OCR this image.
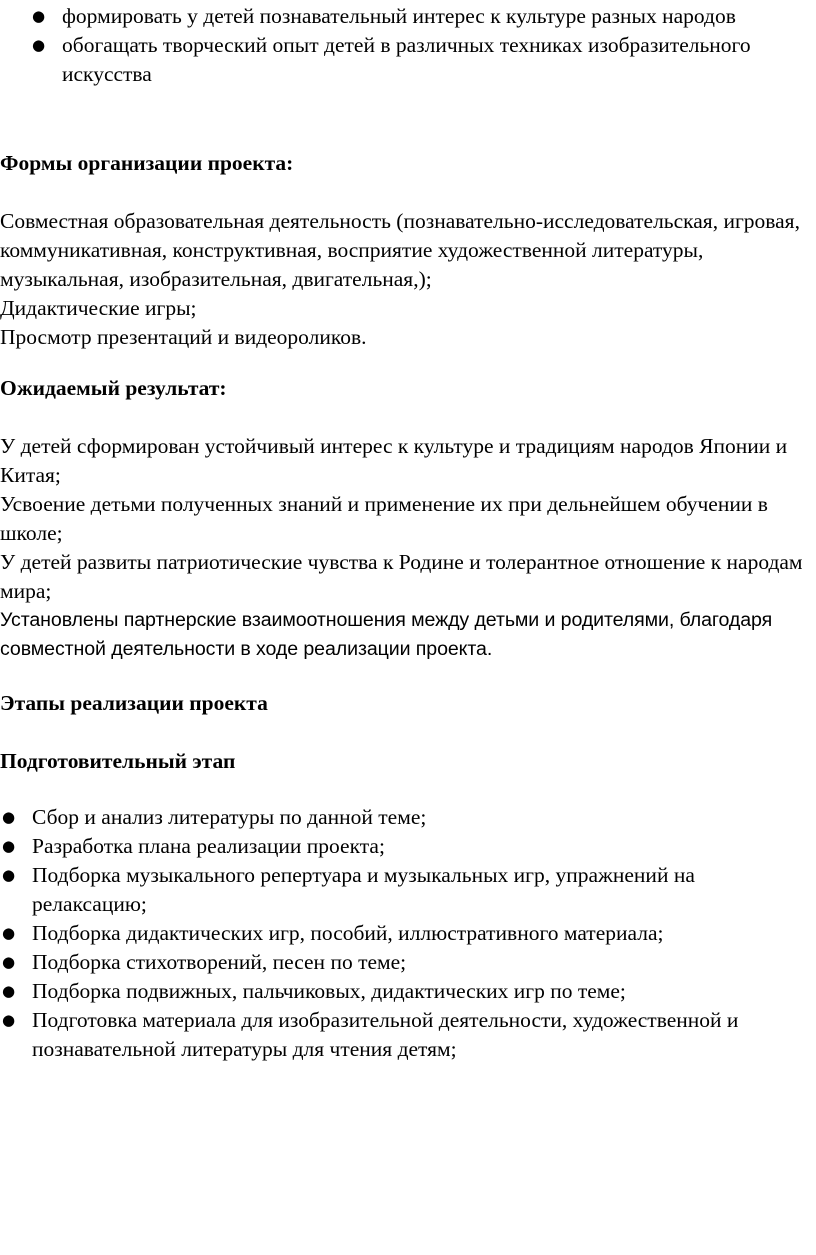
● формировать у детей познавательный интерес к культуре разных народов
● обогащать творческий опыт детей в различных техниках изобразительного искусства
Формы организации проекта:
Совместная образовательная деятельность (познавательно-исследовательская, игровая, коммуникативная, конструктивная, восприятие художественной литературы, музыкальная, изобразительная, двигательная,);
Дидактические игры;
Просмотр презентаций и видеороликов.
Ожидаемый результат:
У детей сформирован устойчивый интерес к культуре и традициям народов Японии и Китая;
Усвоение детьми полученных знаний и применение их при дельнейшем обучении в школе;
У детей развиты патриотические чувства к Родине и толерантное отношение к народам мира;
Установлены партнерские взаимоотношения между детьми и родителями, благодаря совместной деятельности в ходе реализации проекта.
Этапы реализации проекта
Подготовительный этап
● Сбор и анализ литературы по данной теме;
● Разработка плана реализации проекта;
● Подборка музыкального репертуара и музыкальных игр, упражнений на релаксацию;
● Подборка дидактических игр, пособий, иллюстративного материала;
● Подборка стихотворений, песен по теме;
● Подборка подвижных, пальчиковых, дидактических игр по теме;
● Подготовка материала для изобразительной деятельности, художественной и познавательной литературы для чтения детям;
